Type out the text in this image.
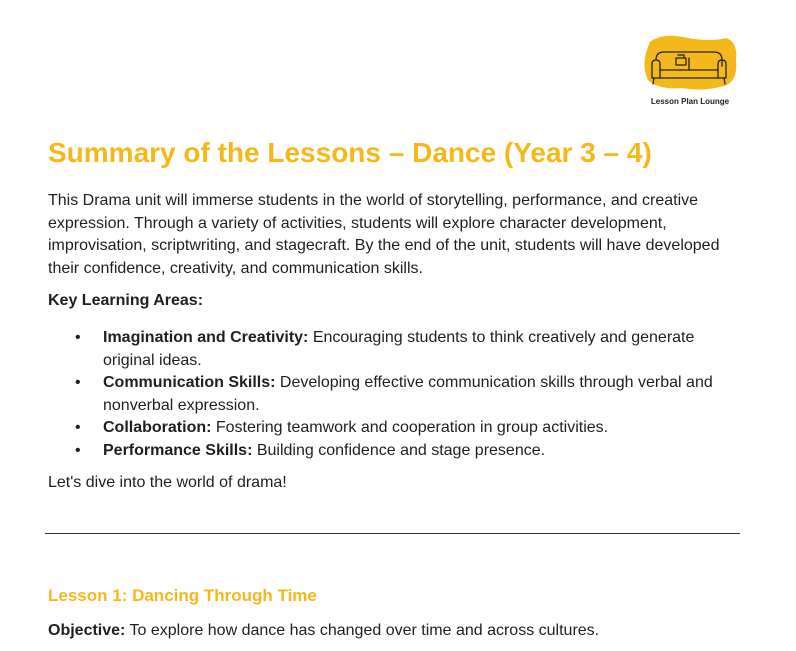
Lesson Plan Lounge
Summary of the Lessons – Dance (Year 3 – 4)

This Drama unit will immerse students in the world of storytelling, performance, and creative expression. Through a variety of activities, students will explore character development, improvisation, scriptwriting, and stagecraft. By the end of the unit, students will have developed their confidence, creativity, and communication skills.

Key Learning Areas:

• Imagination and Creativity: Encouraging students to think creatively and generate original ideas.
• Communication Skills: Developing effective communication skills through verbal and nonverbal expression.
• Collaboration: Fostering teamwork and cooperation in group activities.
• Performance Skills: Building confidence and stage presence.

Let's dive into the world of drama!

Lesson 1: Dancing Through Time

Objective: To explore how dance has changed over time and across cultures.
